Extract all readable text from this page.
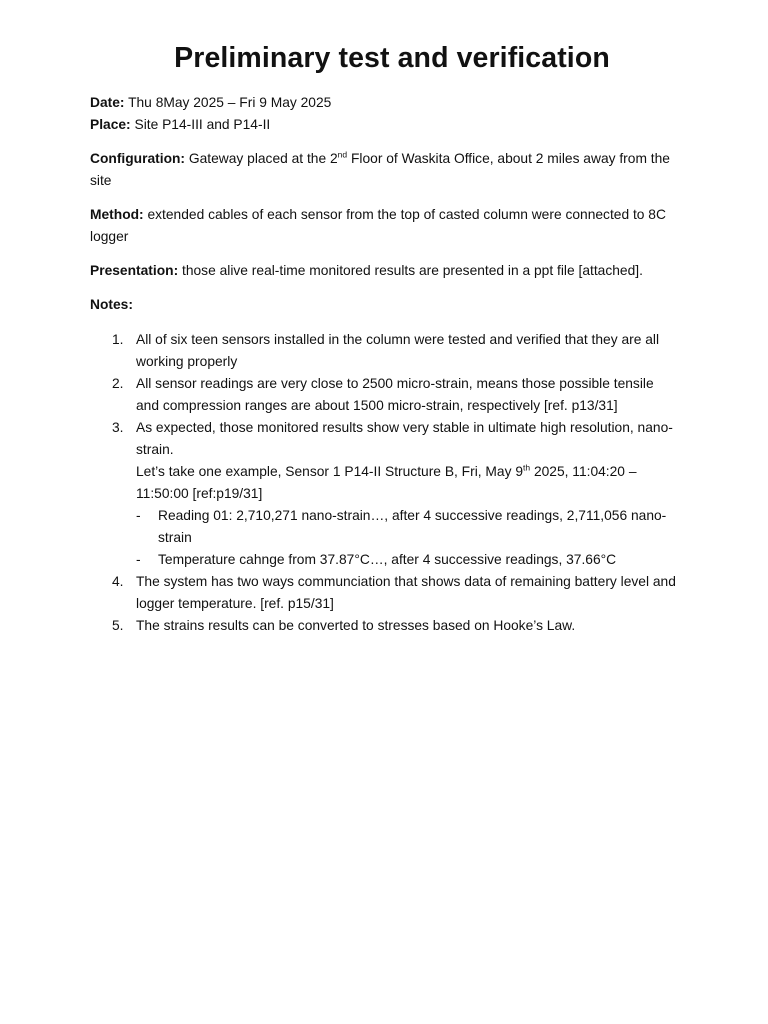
Preliminary test and verification

Date: Thu 8May 2025 – Fri 9 May 2025

Place: Site P14-III and P14-II

Configuration: Gateway placed at the 2nd Floor of Waskita Office, about 2 miles away from the site

Method: extended cables of each sensor from the top of casted column were connected to 8C logger

Presentation: those alive real-time monitored results are presented in a ppt file [attached].

Notes:

1. All of six teen sensors installed in the column were tested and verified that they are all working properly
2. All sensor readings are very close to 2500 micro-strain, means those possible tensile and compression ranges are about 1500 micro-strain, respectively [ref. p13/31]
3. As expected, those monitored results show very stable in ultimate high resolution, nano-strain.
Let’s take one example, Sensor 1 P14-II Structure B, Fri, May 9th 2025, 11:04:20 – 11:50:00 [ref:p19/31]
- Reading 01: 2,710,271 nano-strain…, after 4 successive readings, 2,711,056 nano-strain
- Temperature cahnge from 37.87°C…, after 4 successive readings, 37.66°C
4. The system has two ways communciation that shows data of remaining battery level and logger temperature. [ref. p15/31]
5. The strains results can be converted to stresses based on Hooke’s Law.
